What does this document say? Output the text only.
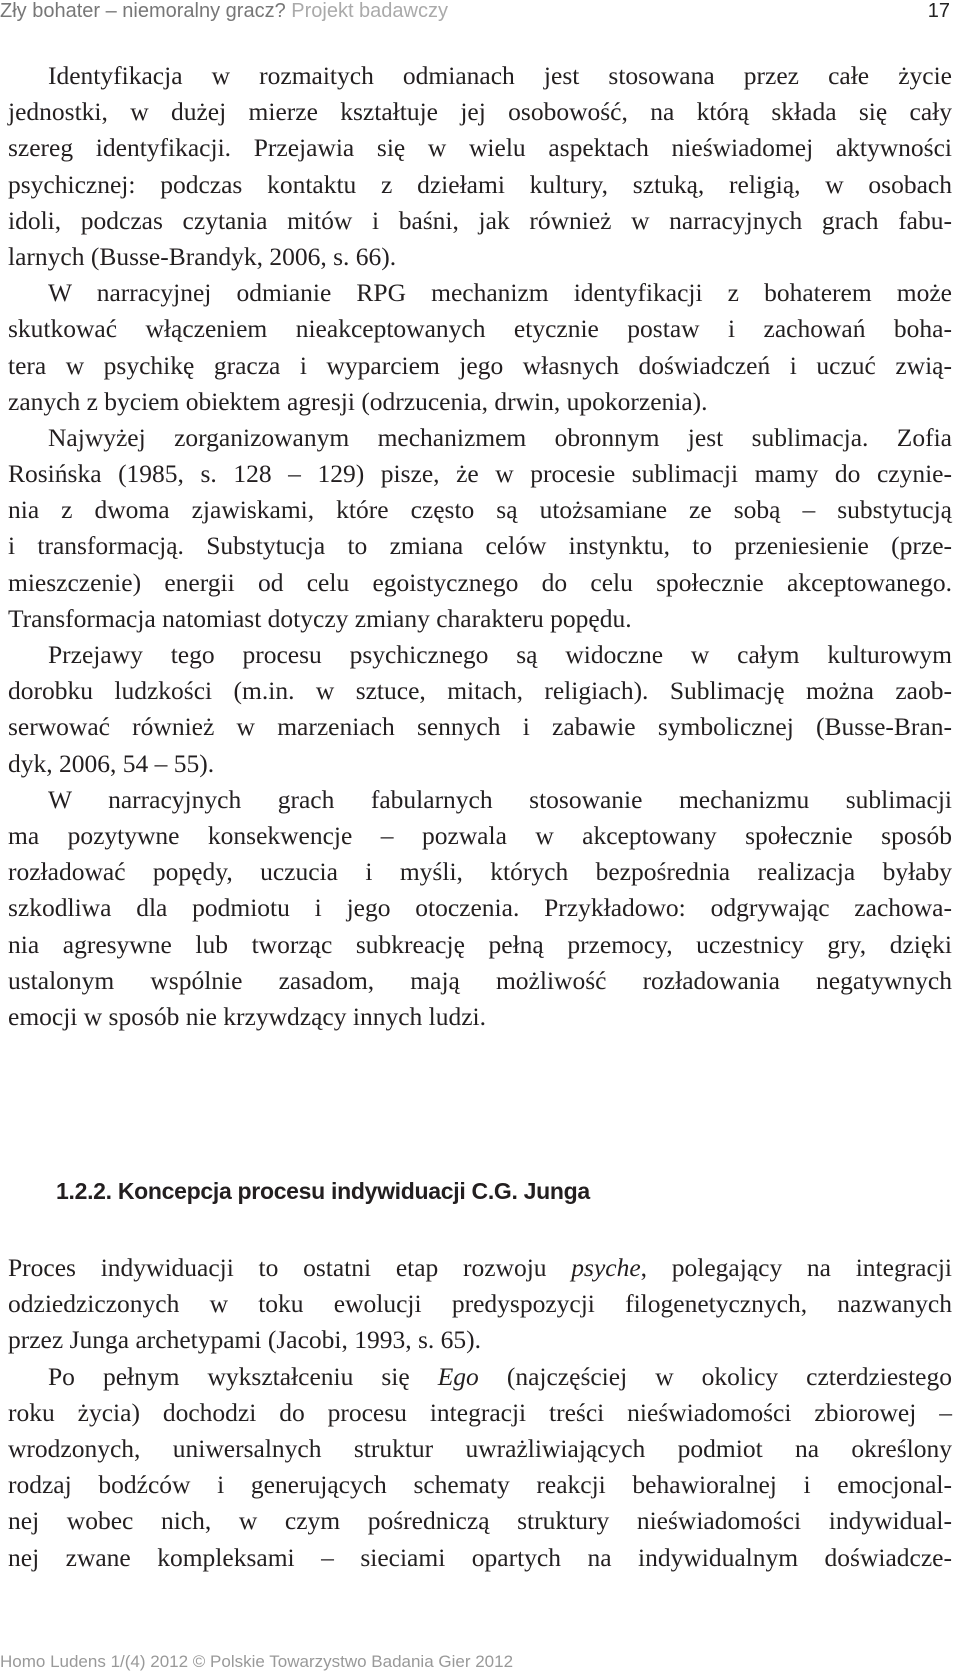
Zły bohater – niemoralny gracz? Projekt badawczy	17
Identyfikacja w rozmaitych odmianach jest stosowana przez całe życie
jednostki, w dużej mierze kształtuje jej osobowość, na którą składa się cały
szereg identyfikacji. Przejawia się w wielu aspektach nieświadomej aktywności
psychicznej: podczas kontaktu z dziełami kultury, sztuką, religią, w osobach
idoli, podczas czytania mitów i baśni, jak również w narracyjnych grach fabu-
larnych (Busse-Brandyk, 2006, s. 66).
W narracyjnej odmianie RPG mechanizm identyfikacji z bohaterem może
skutkować włączeniem nieakceptowanych etycznie postaw i zachowań boha-
tera w psychikę gracza i wyparciem jego własnych doświadczeń i uczuć zwią-
zanych z byciem obiektem agresji (odrzucenia, drwin, upokorzenia).
Najwyżej zorganizowanym mechanizmem obronnym jest sublimacja. Zofia
Rosińska (1985, s. 128 – 129) pisze, że w procesie sublimacji mamy do czynie-
nia z dwoma zjawiskami, które często są utożsamiane ze sobą – substytucją
i transformacją. Substytucja to zmiana celów instynktu, to przeniesienie (prze-
mieszczenie) energii od celu egoistycznego do celu społecznie akceptowanego.
Transformacja natomiast dotyczy zmiany charakteru popędu.
Przejawy tego procesu psychicznego są widoczne w całym kulturowym
dorobku ludzkości (m.in. w sztuce, mitach, religiach). Sublimację można zaob-
serwować również w marzeniach sennych i zabawie symbolicznej (Busse-Bran-
dyk, 2006, 54 – 55).
W narracyjnych grach fabularnych stosowanie mechanizmu sublimacji
ma pozytywne konsekwencje – pozwala w akceptowany społecznie sposób
rozładować popędy, uczucia i myśli, których bezpośrednia realizacja byłaby
szkodliwa dla podmiotu i jego otoczenia. Przykładowo: odgrywając zachowa-
nia agresywne lub tworząc subkreację pełną przemocy, uczestnicy gry, dzięki
ustalonym wspólnie zasadom, mają możliwość rozładowania negatywnych
emocji w sposób nie krzywdzący innych ludzi.
1.2.2. Koncepcja procesu indywiduacji C.G. Junga
Proces indywiduacji to ostatni etap rozwoju psyche, polegający na integracji
odziedziczonych w toku ewolucji predyspozycji filogenetycznych, nazwanych
przez Junga archetypami (Jacobi, 1993, s. 65).
Po pełnym wykształceniu się Ego (najczęściej w okolicy czterdziestego
roku życia) dochodzi do procesu integracji treści nieświadomości zbiorowej –
wrodzonych, uniwersalnych struktur uwrażliwiających podmiot na określony
rodzaj bodźców i generujących schematy reakcji behawioralnej i emocjonal-
nej wobec nich, w czym pośredniczą struktury nieświadomości indywidual-
nej zwane kompleksami – sieciami opartych na indywidualnym doświadcze-
Homo Ludens 1/(4) 2012 © Polskie Towarzystwo Badania Gier 2012
